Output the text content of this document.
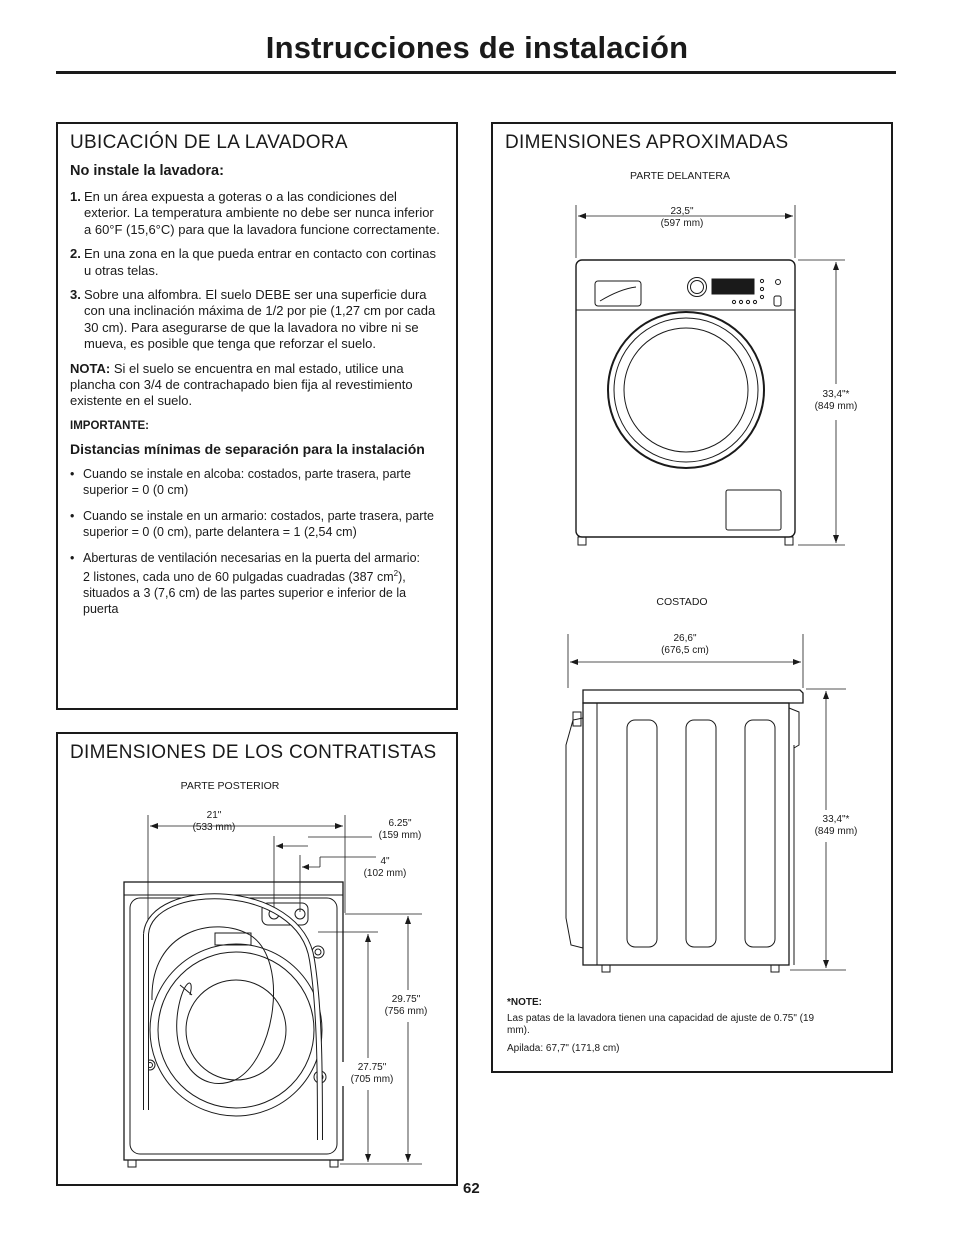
Instrucciones de instalación
UBICACIÓN DE LA LAVADORA
No instale la lavadora:
1. En un área expuesta a goteras o a las condiciones del exterior. La temperatura ambiente no debe ser nunca inferior a 60°F (15,6°C) para que la lavadora funcione correctamente.
2. En una zona en la que pueda entrar en contacto con cortinas u otras telas.
3. Sobre una alfombra. El suelo DEBE ser una superficie dura con una inclinación máxima de 1/2 por pie (1,27 cm por cada 30 cm). Para asegurarse de que la lavadora no vibre ni se mueva, es posible que tenga que reforzar el suelo.
NOTA: Si el suelo se encuentra en mal estado, utilice una plancha con 3/4 de contrachapado bien fija al revestimiento existente en el suelo.
IMPORTANTE:
Distancias mínimas de separación para la instalación
• Cuando se instale en alcoba: costados, parte trasera, parte superior = 0 (0 cm)
• Cuando se instale en un armario: costados, parte trasera, parte superior = 0 (0 cm), parte delantera = 1 (2,54 cm)
• Aberturas de ventilación necesarias en la puerta del armario:
2 listones, cada uno de 60 pulgadas cuadradas (387 $cm^2$), situados a 3 (7,6 cm) de las partes superior e inferior de la puerta
DIMENSIONES DE LOS CONTRATISTAS
DIMENSIONES APROXIMADAS
PARTE POSTERIOR
21"
(533 mm)	6.25"
(159 mm)
4"
(102 mm)
29.75"
(756 mm)
27.75"
(705 mm)
PARTE DELANTERA
23,5"
(597 mm)
33,4"*
(849 mm)
COSTADO
26,6"
(676,5 cm)
33,4"*
(849 mm)
*NOTE:
Las patas de la lavadora tienen una capacidad de ajuste de 0.75" (19 mm).
Apilada: 67,7" (171,8 cm)
62
